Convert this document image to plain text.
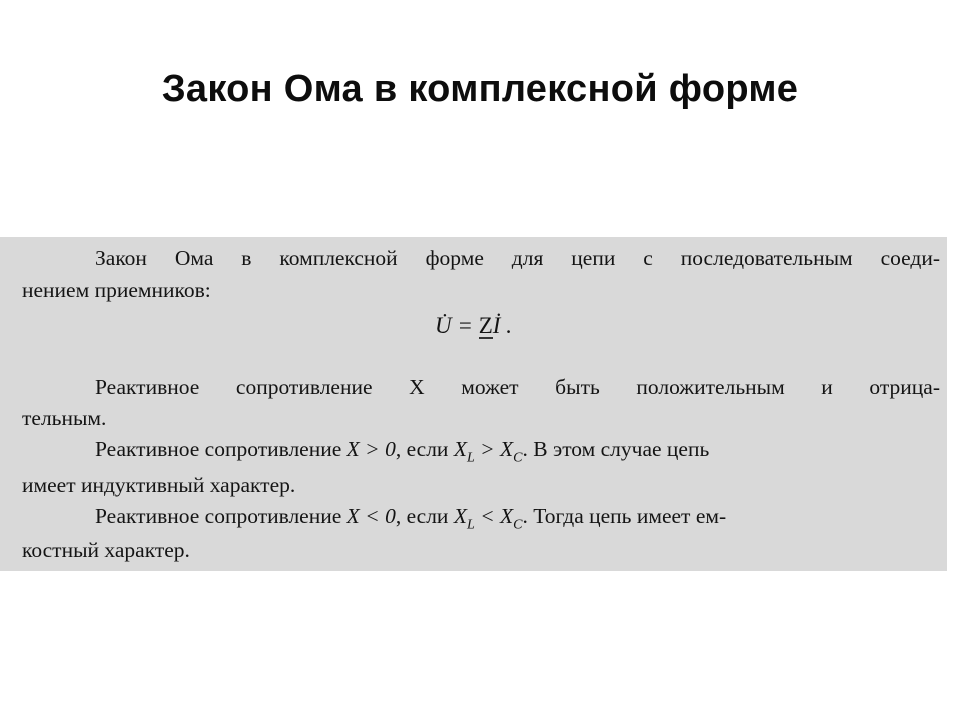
Закон Ома в комплексной форме
Закон Ома в комплексной форме для цепи с последовательным соеди-
нением приемников:
U̇ = Zİ .
Реактивное сопротивление X может быть положительным и отрица-
тельным.
Реактивное сопротивление X > 0, если $X_L > X_C$. В этом случае цепь
имеет индуктивный характер.
Реактивное сопротивление X < 0, если $X_L < X_C$. Тогда цепь имеет ем-
костный характер.
